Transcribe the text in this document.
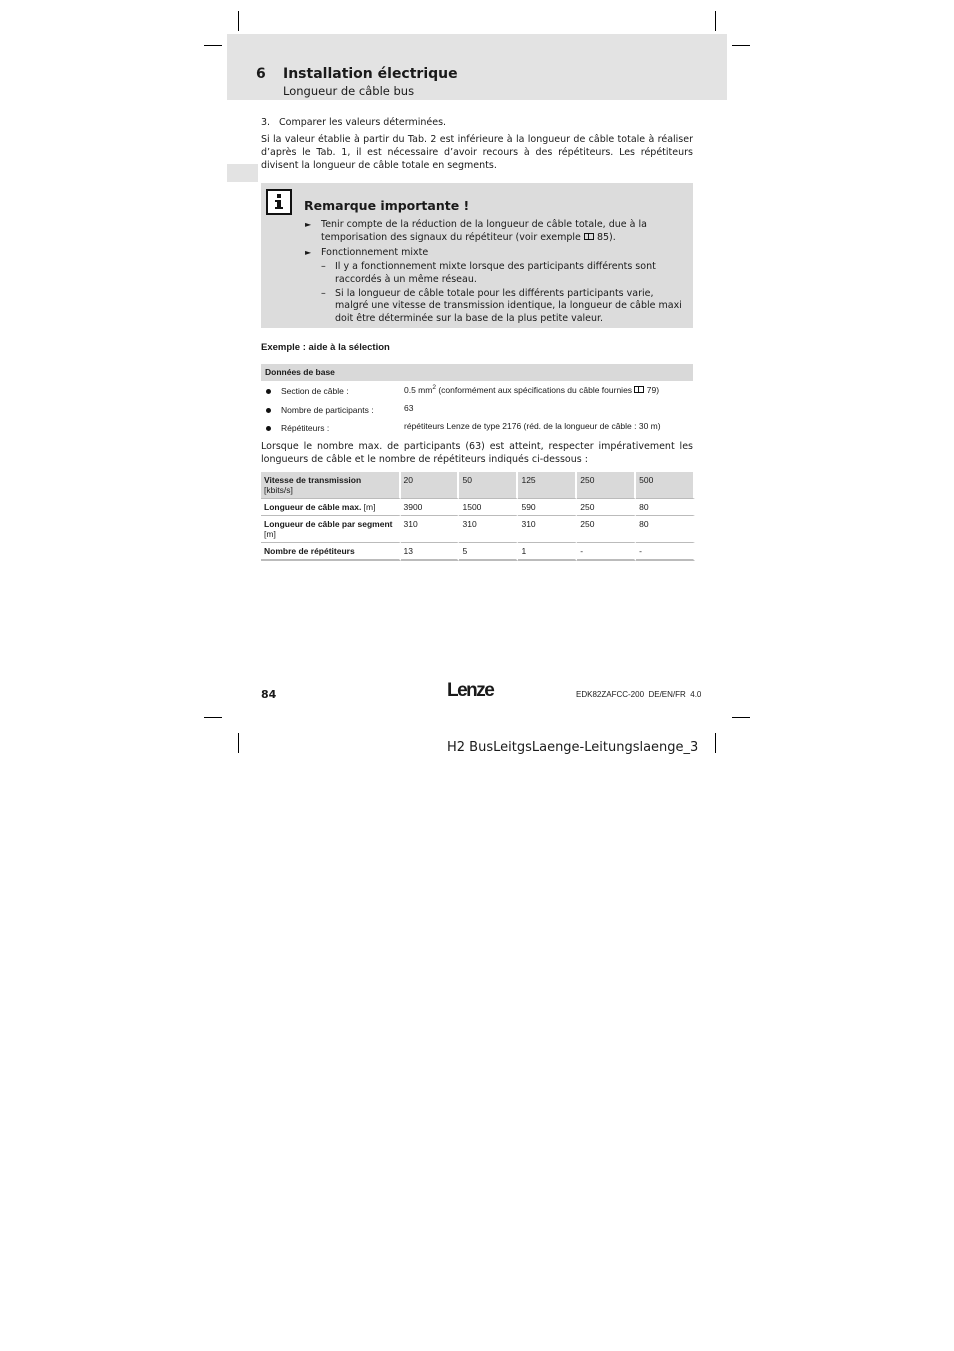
6 Installation électrique
Longueur de câble bus
3. Comparer les valeurs déterminées.
Si la valeur établie à partir du Tab. 2 est inférieure à la longueur de câble totale à réaliser d’après le Tab. 1, il est nécessaire d’avoir recours à des répétiteurs. Les répétiteurs divisent la longueur de câble totale en segments.
Remarque importante !
► Tenir compte de la réduction de la longueur de câble totale, due à la
temporisation des signaux du répétiteur (voir exemple 85).
► Fonctionnement mixte
– Il y a fonctionnement mixte lorsque des participants différents sont
raccordés à un même réseau.
– Si la longueur de câble totale pour les différents participants varie,
malgré une vitesse de transmission identique, la longueur de câble maxi
doit être déterminée sur la base de la plus petite valeur.
Exemple : aide à la sélection
Données de base
Section de câble :	0.5 $mm^2$ (conformément aux spécifications du câble fournies 79)
Nombre de participants :	63
Répétiteurs :	répétiteurs Lenze de type 2176 (réd. de la longueur de câble : 30 m)
Lorsque le nombre max. de participants (63) est atteint, respecter impérativement les longueurs de câble et le nombre de répétiteurs indiqués ci-dessous :
Vitesse de transmission
[kbits/s]	20	50	125	250	500
Longueur de câble max. [m]	3900	1500	590	250	80
Longueur de câble par segment [m]	310	310	310	250	80
Nombre de répétiteurs	13	5	1	-	-
84	Lenze	EDK82ZAFCC-200  DE/EN/FR  4.0
H2 BusLeitgsLaenge-Leitungslaenge_3
